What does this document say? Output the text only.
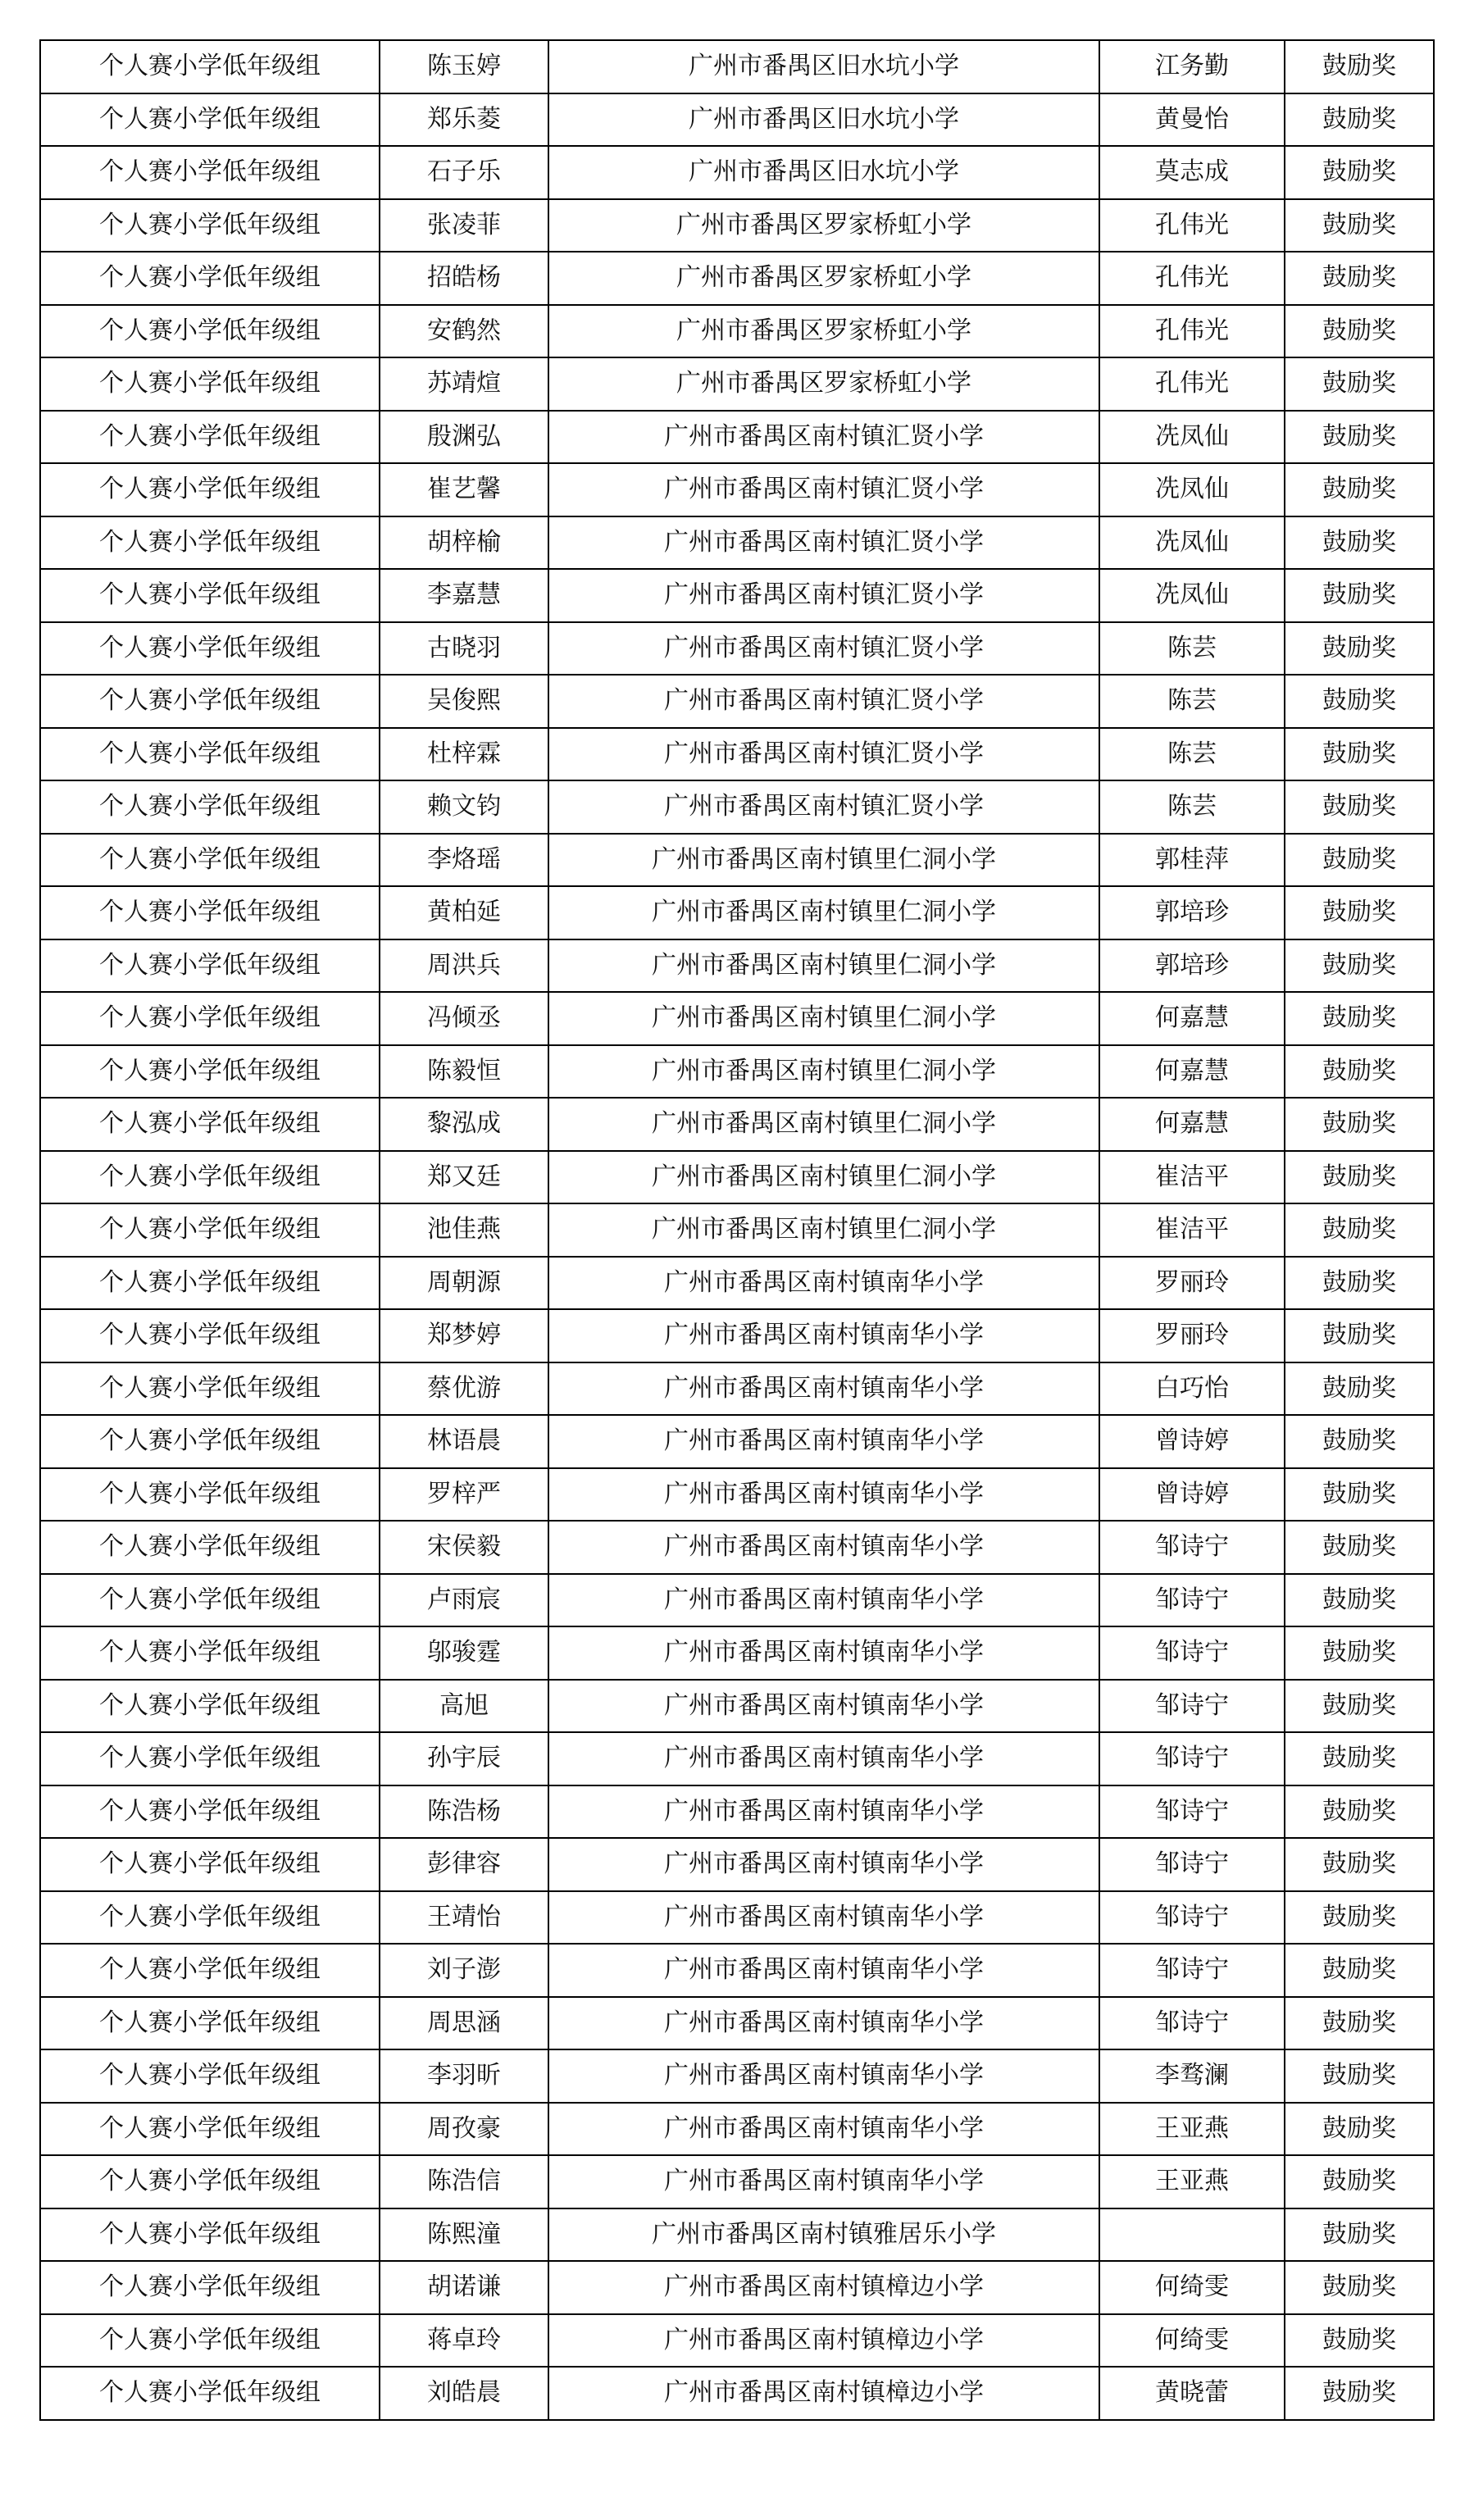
个人赛小学低年级组	陈玉婷	广州市番禺区旧水坑小学	江务勤	鼓励奖
个人赛小学低年级组	郑乐菱	广州市番禺区旧水坑小学	黄曼怡	鼓励奖
个人赛小学低年级组	石子乐	广州市番禺区旧水坑小学	莫志成	鼓励奖
个人赛小学低年级组	张凌菲	广州市番禺区罗家桥虹小学	孔伟光	鼓励奖
个人赛小学低年级组	招皓杨	广州市番禺区罗家桥虹小学	孔伟光	鼓励奖
个人赛小学低年级组	安鹤然	广州市番禺区罗家桥虹小学	孔伟光	鼓励奖
个人赛小学低年级组	苏靖煊	广州市番禺区罗家桥虹小学	孔伟光	鼓励奖
个人赛小学低年级组	殷渊弘	广州市番禺区南村镇汇贤小学	冼凤仙	鼓励奖
个人赛小学低年级组	崔艺馨	广州市番禺区南村镇汇贤小学	冼凤仙	鼓励奖
个人赛小学低年级组	胡梓榆	广州市番禺区南村镇汇贤小学	冼凤仙	鼓励奖
个人赛小学低年级组	李嘉慧	广州市番禺区南村镇汇贤小学	冼凤仙	鼓励奖
个人赛小学低年级组	古晓羽	广州市番禺区南村镇汇贤小学	陈芸	鼓励奖
个人赛小学低年级组	吴俊熙	广州市番禺区南村镇汇贤小学	陈芸	鼓励奖
个人赛小学低年级组	杜梓霖	广州市番禺区南村镇汇贤小学	陈芸	鼓励奖
个人赛小学低年级组	赖文钧	广州市番禺区南村镇汇贤小学	陈芸	鼓励奖
个人赛小学低年级组	李烙瑶	广州市番禺区南村镇里仁洞小学	郭桂萍	鼓励奖
个人赛小学低年级组	黄柏延	广州市番禺区南村镇里仁洞小学	郭培珍	鼓励奖
个人赛小学低年级组	周洪兵	广州市番禺区南村镇里仁洞小学	郭培珍	鼓励奖
个人赛小学低年级组	冯倾丞	广州市番禺区南村镇里仁洞小学	何嘉慧	鼓励奖
个人赛小学低年级组	陈毅恒	广州市番禺区南村镇里仁洞小学	何嘉慧	鼓励奖
个人赛小学低年级组	黎泓成	广州市番禺区南村镇里仁洞小学	何嘉慧	鼓励奖
个人赛小学低年级组	郑又廷	广州市番禺区南村镇里仁洞小学	崔洁平	鼓励奖
个人赛小学低年级组	池佳燕	广州市番禺区南村镇里仁洞小学	崔洁平	鼓励奖
个人赛小学低年级组	周朝源	广州市番禺区南村镇南华小学	罗丽玲	鼓励奖
个人赛小学低年级组	郑梦婷	广州市番禺区南村镇南华小学	罗丽玲	鼓励奖
个人赛小学低年级组	蔡优游	广州市番禺区南村镇南华小学	白巧怡	鼓励奖
个人赛小学低年级组	林语晨	广州市番禺区南村镇南华小学	曾诗婷	鼓励奖
个人赛小学低年级组	罗梓严	广州市番禺区南村镇南华小学	曾诗婷	鼓励奖
个人赛小学低年级组	宋侯毅	广州市番禺区南村镇南华小学	邹诗宁	鼓励奖
个人赛小学低年级组	卢雨宸	广州市番禺区南村镇南华小学	邹诗宁	鼓励奖
个人赛小学低年级组	邬骏霆	广州市番禺区南村镇南华小学	邹诗宁	鼓励奖
个人赛小学低年级组	高旭	广州市番禺区南村镇南华小学	邹诗宁	鼓励奖
个人赛小学低年级组	孙宇辰	广州市番禺区南村镇南华小学	邹诗宁	鼓励奖
个人赛小学低年级组	陈浩杨	广州市番禺区南村镇南华小学	邹诗宁	鼓励奖
个人赛小学低年级组	彭律容	广州市番禺区南村镇南华小学	邹诗宁	鼓励奖
个人赛小学低年级组	王靖怡	广州市番禺区南村镇南华小学	邹诗宁	鼓励奖
个人赛小学低年级组	刘子澎	广州市番禺区南村镇南华小学	邹诗宁	鼓励奖
个人赛小学低年级组	周思涵	广州市番禺区南村镇南华小学	邹诗宁	鼓励奖
个人赛小学低年级组	李羽昕	广州市番禺区南村镇南华小学	李骛澜	鼓励奖
个人赛小学低年级组	周孜豪	广州市番禺区南村镇南华小学	王亚燕	鼓励奖
个人赛小学低年级组	陈浩信	广州市番禺区南村镇南华小学	王亚燕	鼓励奖
个人赛小学低年级组	陈熙潼	广州市番禺区南村镇雅居乐小学		鼓励奖
个人赛小学低年级组	胡诺谦	广州市番禺区南村镇樟边小学	何绮雯	鼓励奖
个人赛小学低年级组	蒋卓玲	广州市番禺区南村镇樟边小学	何绮雯	鼓励奖
个人赛小学低年级组	刘皓晨	广州市番禺区南村镇樟边小学	黄晓蕾	鼓励奖
